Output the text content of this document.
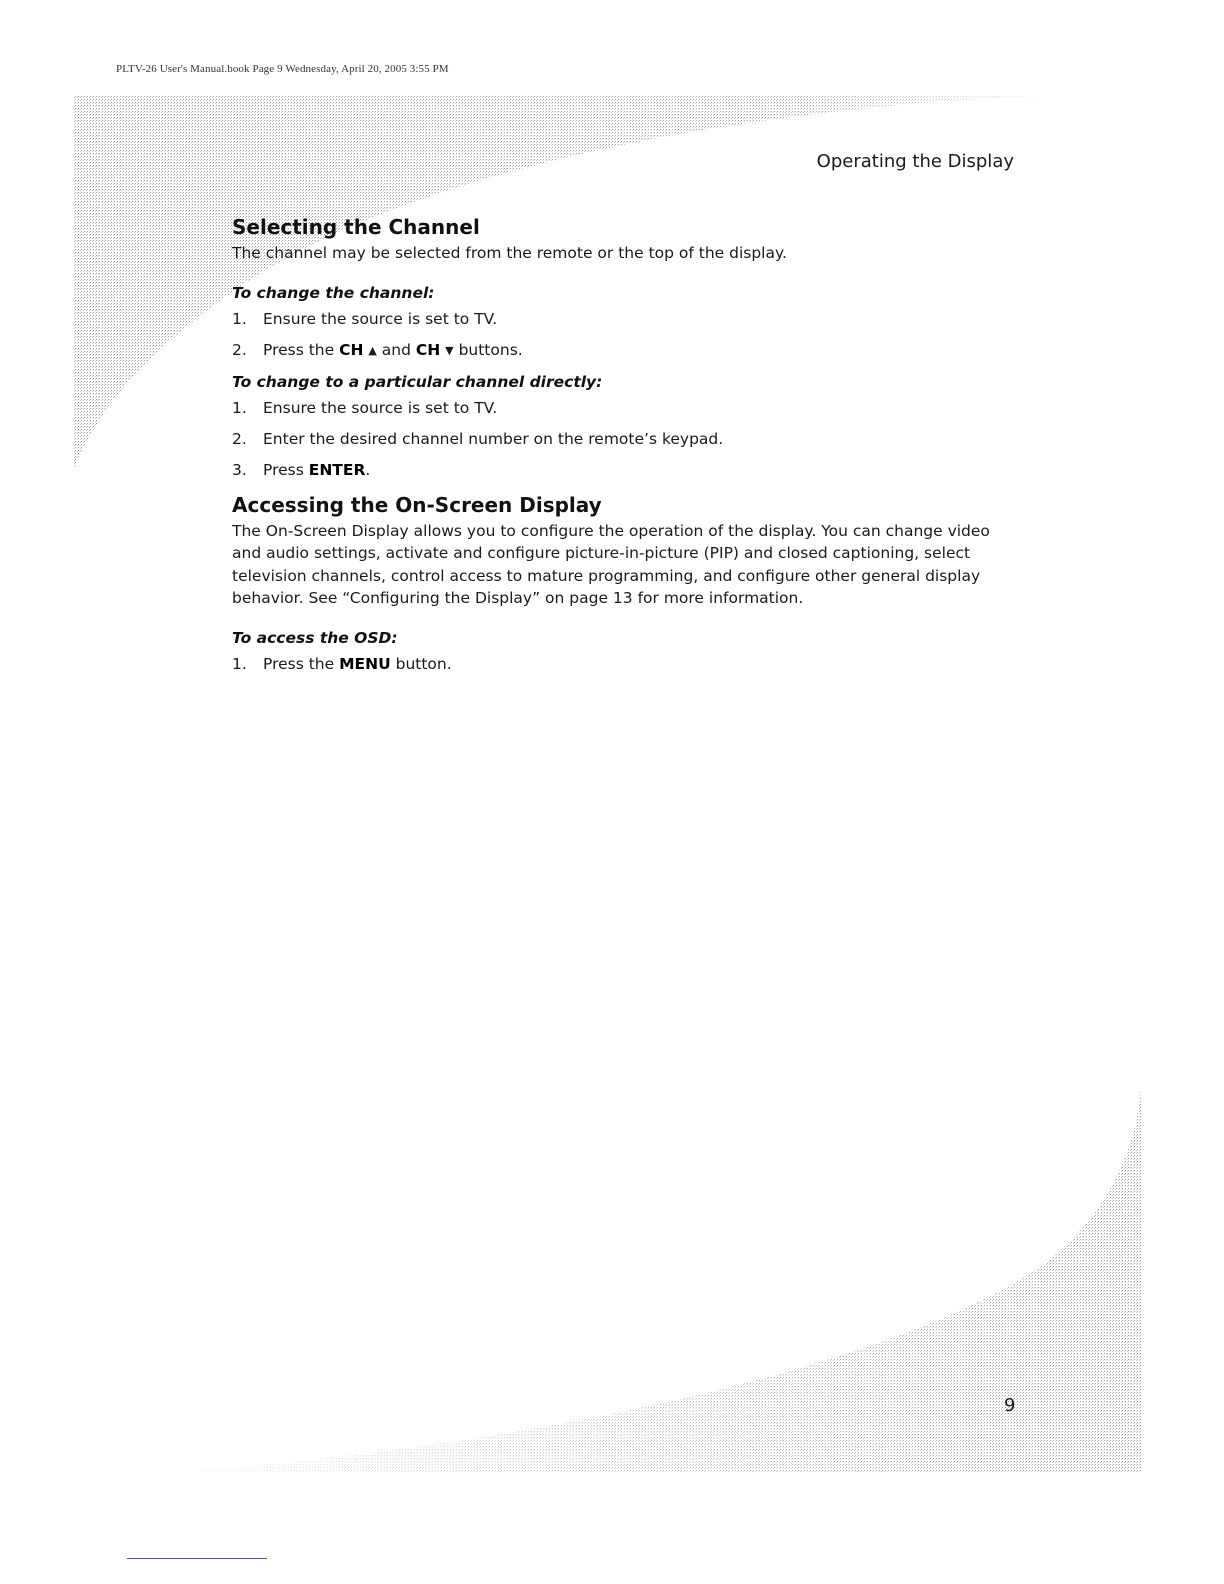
PLTV-26 User's Manual.book Page 9 Wednesday, April 20, 2005 3:55 PM
Operating the Display
Selecting the Channel

The channel may be selected from the remote or the top of the display.

To change the channel:
1.	Ensure the source is set to TV.
2.	Press the CH ▲ and CH ▼ buttons.
To change to a particular channel directly:
1.	Ensure the source is set to TV.
2.	Enter the desired channel number on the remote’s keypad.
3.	Press ENTER.
Accessing the On-Screen Display

The On-Screen Display allows you to configure the operation of the display. You can change video and audio settings, activate and configure picture-in-picture (PIP) and closed captioning, select television channels, control access to mature programming, and configure other general display behavior. See “Configuring the Display” on page 13 for more information.

To access the OSD:
1.	Press the MENU button.
9
